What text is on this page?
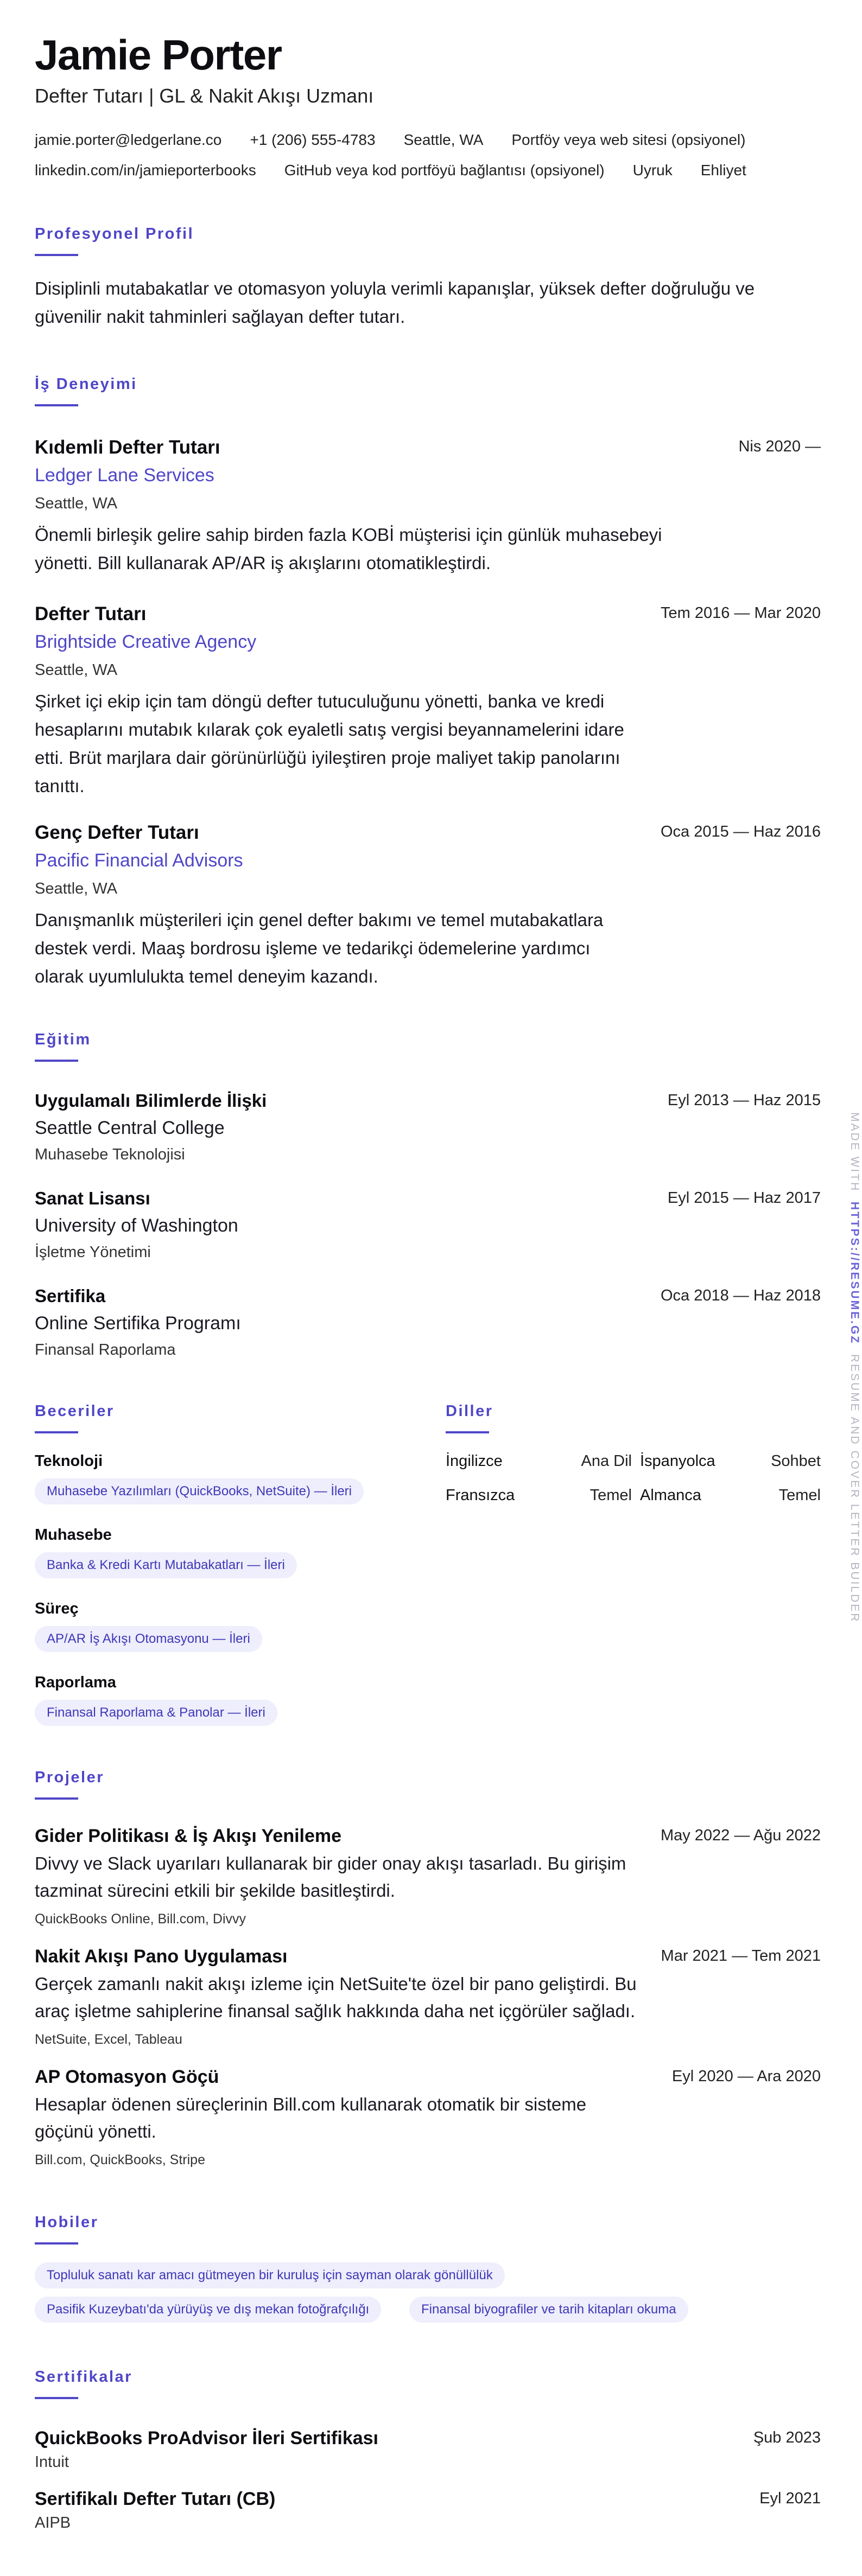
Jamie Porter
Defter Tutarı | GL & Nakit Akışı Uzmanı
jamie.porter@ledgerlane.co +1 (206) 555-4783 Seattle, WA Portföy veya web sitesi (opsiyonel)
linkedin.com/in/jamieporterbooks GitHub veya kod portföyü bağlantısı (opsiyonel) Uyruk Ehliyet
Profesyonel Profil
Disiplinli mutabakatlar ve otomasyon yoluyla verimli kapanışlar, yüksek defter doğruluğu ve
güvenilir nakit tahminleri sağlayan defter tutarı.
İş Deneyimi
Kıdemli Defter Tutarı	Nis 2020 —
Ledger Lane Services
Seattle, WA
Önemli birleşik gelire sahip birden fazla KOBİ müşterisi için günlük muhasebeyi
yönetti. Bill kullanarak AP/AR iş akışlarını otomatikleştirdi.
Defter Tutarı	Tem 2016 — Mar 2020
Brightside Creative Agency
Seattle, WA
Şirket içi ekip için tam döngü defter tutuculuğunu yönetti, banka ve kredi
hesaplarını mutabık kılarak çok eyaletli satış vergisi beyannamelerini idare
etti. Brüt marjlara dair görünürlüğü iyileştiren proje maliyet takip panolarını
tanıttı.
Genç Defter Tutarı	Oca 2015 — Haz 2016
Pacific Financial Advisors
Seattle, WA
Danışmanlık müşterileri için genel defter bakımı ve temel mutabakatlara
destek verdi. Maaş bordrosu işleme ve tedarikçi ödemelerine yardımcı
olarak uyumlulukta temel deneyim kazandı.
Eğitim
Uygulamalı Bilimlerde İlişki	Eyl 2013 — Haz 2015
Seattle Central College
Muhasebe Teknolojisi
Sanat Lisansı	Eyl 2015 — Haz 2017
University of Washington
İşletme Yönetimi
Sertifika	Oca 2018 — Haz 2018
Online Sertifika Programı
Finansal Raporlama
Beceriler
Teknoloji
Muhasebe Yazılımları (QuickBooks, NetSuite) — İleri
Muhasebe
Banka & Kredi Kartı Mutabakatları — İleri
Süreç
AP/AR İş Akışı Otomasyonu — İleri
Raporlama
Finansal Raporlama & Panolar — İleri
Diller
İngilizce	Ana Dil İspanyolca	Sohbet
Fransızca	Temel Almanca	Temel
Projeler
Gider Politikası & İş Akışı Yenileme	May 2022 — Ağu 2022
Divvy ve Slack uyarıları kullanarak bir gider onay akışı tasarladı. Bu girişim
tazminat sürecini etkili bir şekilde basitleştirdi.
QuickBooks Online, Bill.com, Divvy
Nakit Akışı Pano Uygulaması	Mar 2021 — Tem 2021
Gerçek zamanlı nakit akışı izleme için NetSuite'te özel bir pano geliştirdi. Bu
araç işletme sahiplerine finansal sağlık hakkında daha net içgörüler sağladı.
NetSuite, Excel, Tableau
AP Otomasyon Göçü	Eyl 2020 — Ara 2020
Hesaplar ödenen süreçlerinin Bill.com kullanarak otomatik bir sisteme
göçünü yönetti.
Bill.com, QuickBooks, Stripe
Hobiler
Topluluk sanatı kar amacı gütmeyen bir kuruluş için sayman olarak gönüllülük
Pasifik Kuzeybatı'da yürüyüş ve dış mekan fotoğrafçılığı	Finansal biyografiler ve tarih kitapları okuma
Sertifikalar
QuickBooks ProAdvisor İleri Sertifikası	Şub 2023
Intuit
Sertifikalı Defter Tutarı (CB)	Eyl 2021
AIPB
MADE WITH  HTTPS://RESUME.GZ  RESUME AND COVER LETTER BUILDER
